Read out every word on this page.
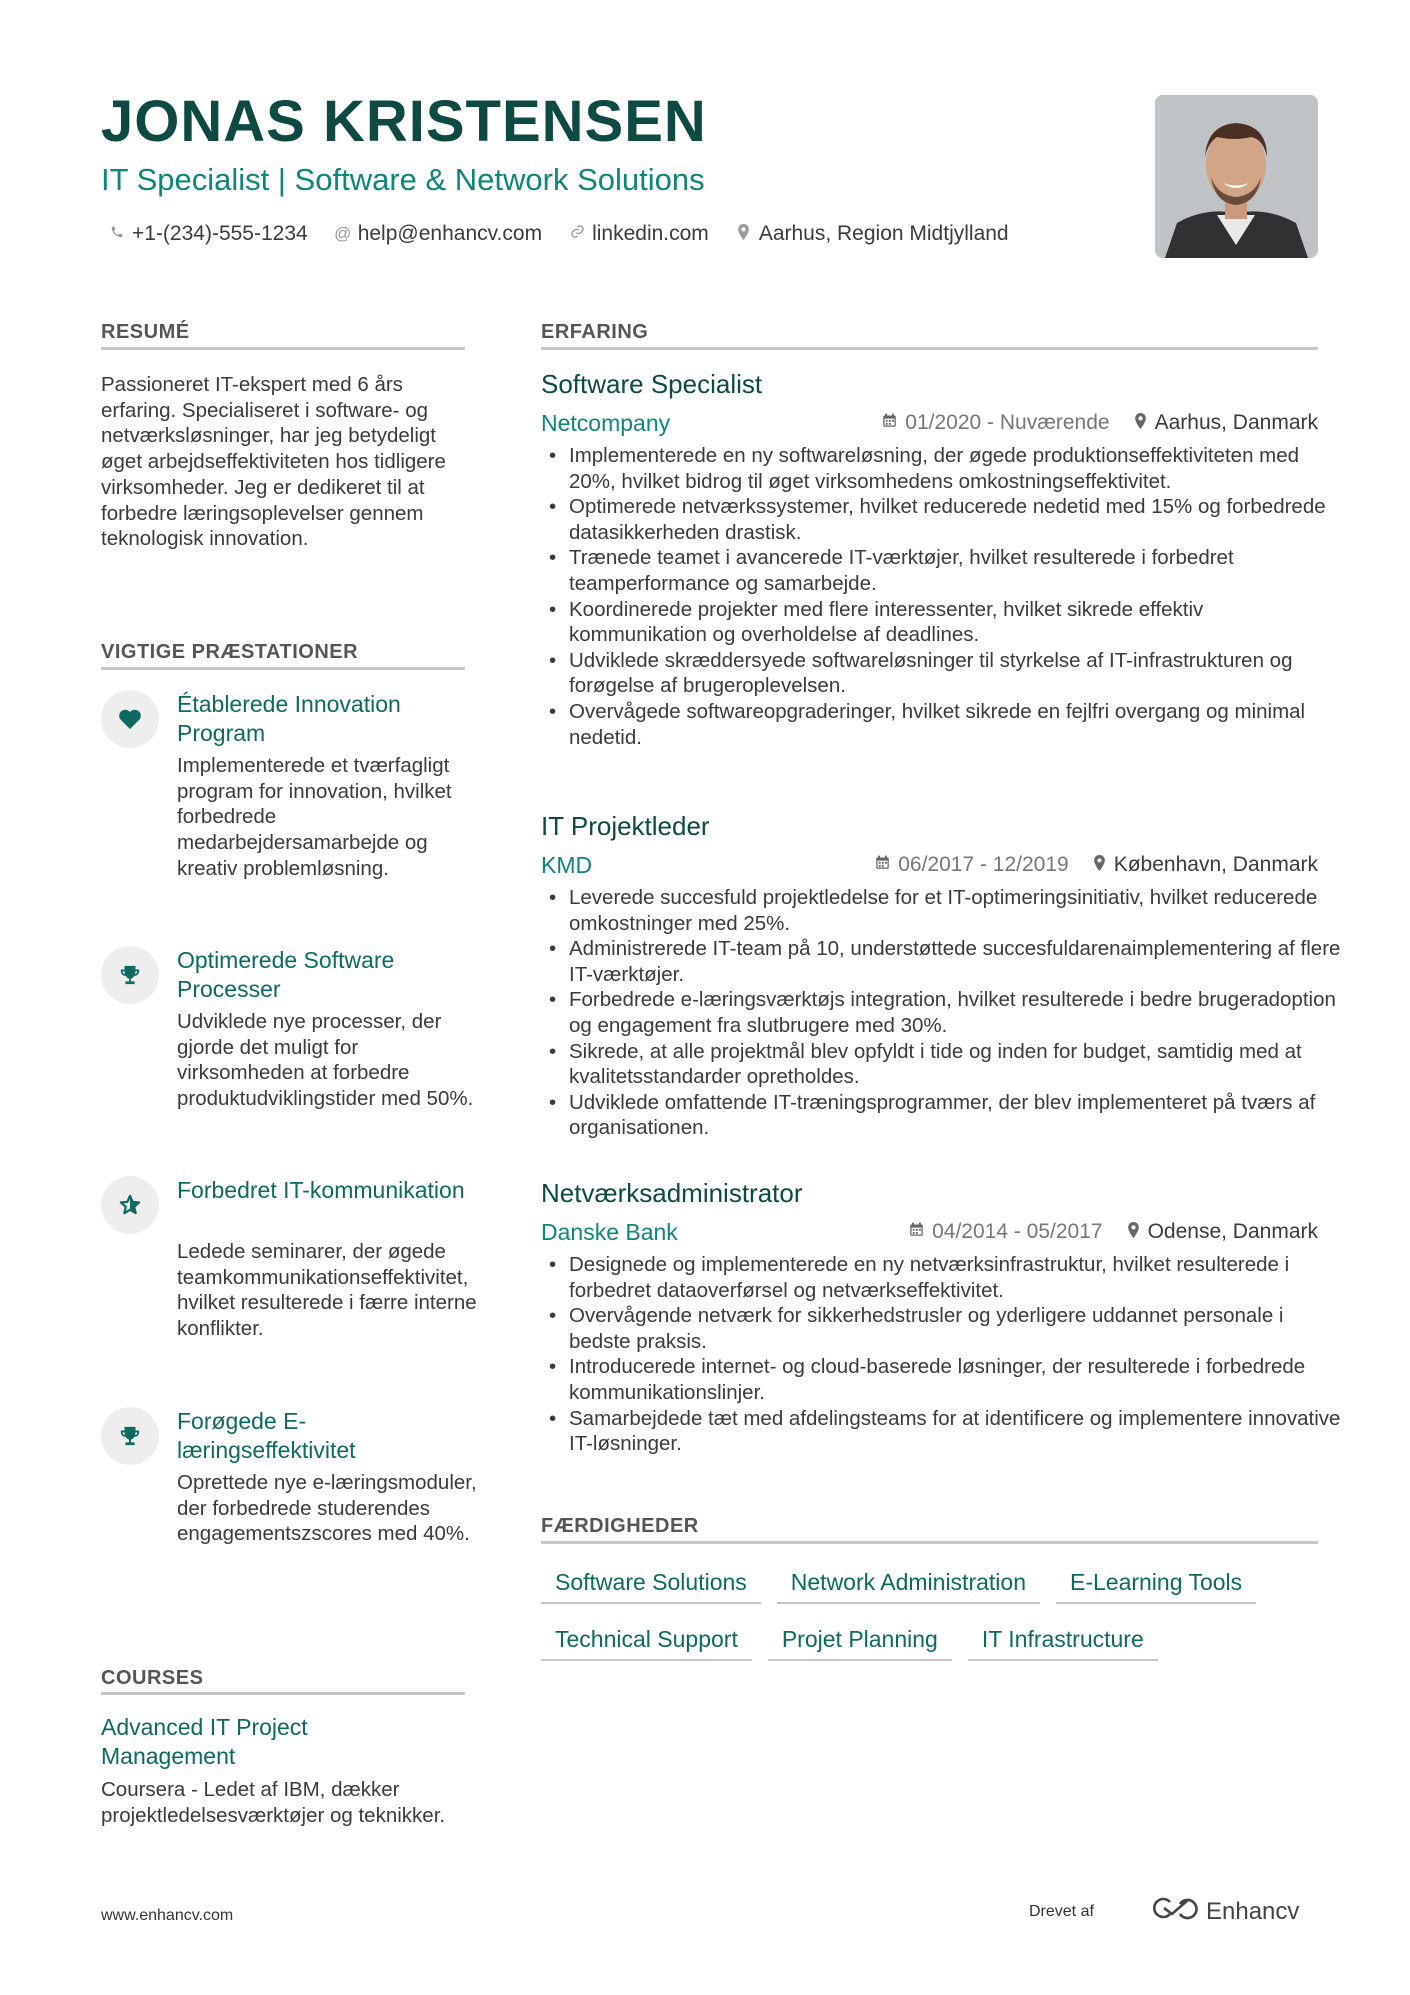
JONAS KRISTENSEN

IT Specialist | Software & Network Solutions

+1-(234)-555-1234 @ help@enhancv.com linkedin.com Aarhus, Region Midtjylland
RESUMÉ

Passioneret IT-ekspert med 6 års erfaring. Specialiseret i software- og netværksløsninger, har jeg betydeligt øget arbejdseffektiviteten hos tidligere virksomheder. Jeg er dedikeret til at forbedre læringsoplevelser gennem teknologisk innovation.

VIGTIGE PRÆSTATIONER

Établerede Innovation Program

Implementerede et tværfagligt program for innovation, hvilket forbedrede medarbejdersamarbejde og kreativ problemløsning.

Optimerede Software Processer

Udviklede nye processer, der gjorde det muligt for virksomheden at forbedre produktudviklingstider med 50%.

Forbedret IT-kommunikation

Ledede seminarer, der øgede teamkommunikationseffektivitet, hvilket resulterede i færre interne konflikter.

Forøgede E-læringseffektivitet

Oprettede nye e-læringsmoduler, der forbedrede studerendes engagementszscores med 40%.

COURSES

Advanced IT Project Management

Coursera - Ledet af IBM, dækker projektledelsesværktøjer og teknikker.

ERFARING

Software Specialist

Netcompany	01/2020 - Nuværende Aarhus, Danmark
• Implementerede en ny softwareløsning, der øgede produktionseffektiviteten med 20%, hvilket bidrog til øget virksomhedens omkostningseffektivitet.
• Optimerede netværkssystemer, hvilket reducerede nedetid med 15% og forbedrede datasikkerheden drastisk.
• Trænede teamet i avancerede IT-værktøjer, hvilket resulterede i forbedret teamperformance og samarbejde.
• Koordinerede projekter med flere interessenter, hvilket sikrede effektiv kommunikation og overholdelse af deadlines.
• Udviklede skræddersyede softwareløsninger til styrkelse af IT-infrastrukturen og forøgelse af brugeroplevelsen.
• Overvågede softwareopgraderinger, hvilket sikrede en fejlfri overgang og minimal nedetid.

IT Projektleder

KMD	06/2017 - 12/2019 København, Danmark
• Leverede succesfuld projektledelse for et IT-optimeringsinitiativ, hvilket reducerede omkostninger med 25%.
• Administrerede IT-team på 10, understøttede succesfuldarenaimplementering af flere IT-værktøjer.
• Forbedrede e-læringsværktøjs integration, hvilket resulterede i bedre brugeradoption og engagement fra slutbrugere med 30%.
• Sikrede, at alle projektmål blev opfyldt i tide og inden for budget, samtidig med at kvalitetsstandarder opretholdes.
• Udviklede omfattende IT-træningsprogrammer, der blev implementeret på tværs af organisationen.

Netværksadministrator

Danske Bank	04/2014 - 05/2017 Odense, Danmark
• Designede og implementerede en ny netværksinfrastruktur, hvilket resulterede i forbedret dataoverførsel og netværkseffektivitet.
• Overvågende netværk for sikkerhedstrusler og yderligere uddannet personale i bedste praksis.
• Introducerede internet- og cloud-baserede løsninger, der resulterede i forbedrede kommunikationslinjer.
• Samarbejdede tæt med afdelingsteams for at identificere og implementere innovative IT-løsninger.
FÆRDIGHEDER
Software Solutions	Network Administration	E-Learning Tools
Technical Support	Projet Planning	IT Infrastructure

www.enhancv.com	Drevet af	Enhancv
